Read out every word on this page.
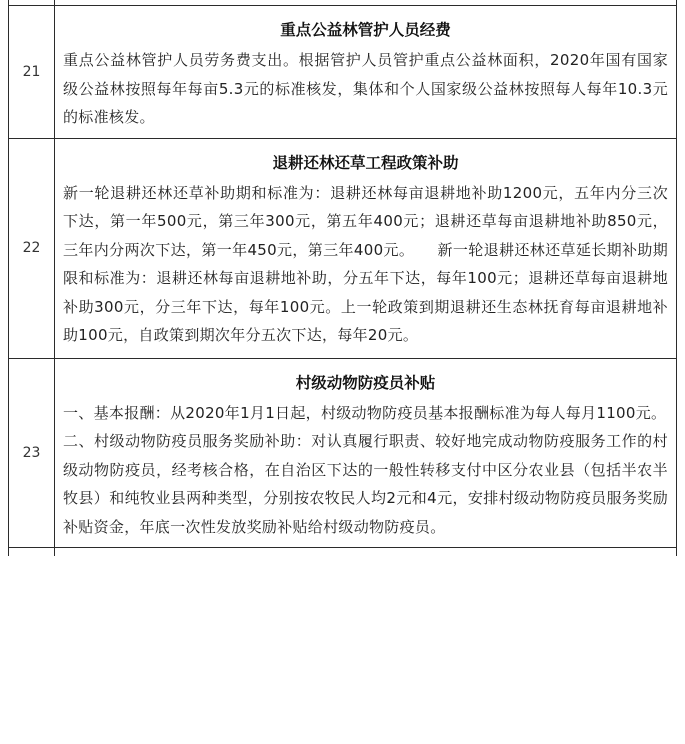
21	重点公益林管护人员经费

重点公益林管护人员劳务费支出。根据管护人员管护重点公益林面积，2020年国有国家级公益林按照每年每亩5.3元的标准核发，集体和个人国家级公益林按照每人每年10.3元的标准核发。

22	退耕还林还草工程政策补助

新一轮退耕还林还草补助期和标准为：退耕还林每亩退耕地补助1200元，五年内分三次下达，第一年500元，第三年300元，第五年400元；退耕还草每亩退耕地补助850元，三年内分两次下达，第一年450元，第三年400元。　　新一轮退耕还林还草延长期补助期限和标准为：退耕还林每亩退耕地补助，分五年下达，每年100元；退耕还草每亩退耕地补助300元，分三年下达，每年100元。上一轮政策到期退耕还生态林抚育每亩退耕地补助100元，自政策到期次年分五次下达，每年20元。

23	村级动物防疫员补贴

一、基本报酬：从2020年1月1日起，村级动物防疫员基本报酬标准为每人每月1100元。

二、村级动物防疫员服务奖励补助：对认真履行职责、较好地完成动物防疫服务工作的村级动物防疫员，经考核合格，在自治区下达的一般性转移支付中区分农业县（包括半农半牧县）和纯牧业县两种类型，分别按农牧民人均2元和4元，安排村级动物防疫员服务奖励补贴资金，年底一次性发放奖励补贴给村级动物防疫员。
